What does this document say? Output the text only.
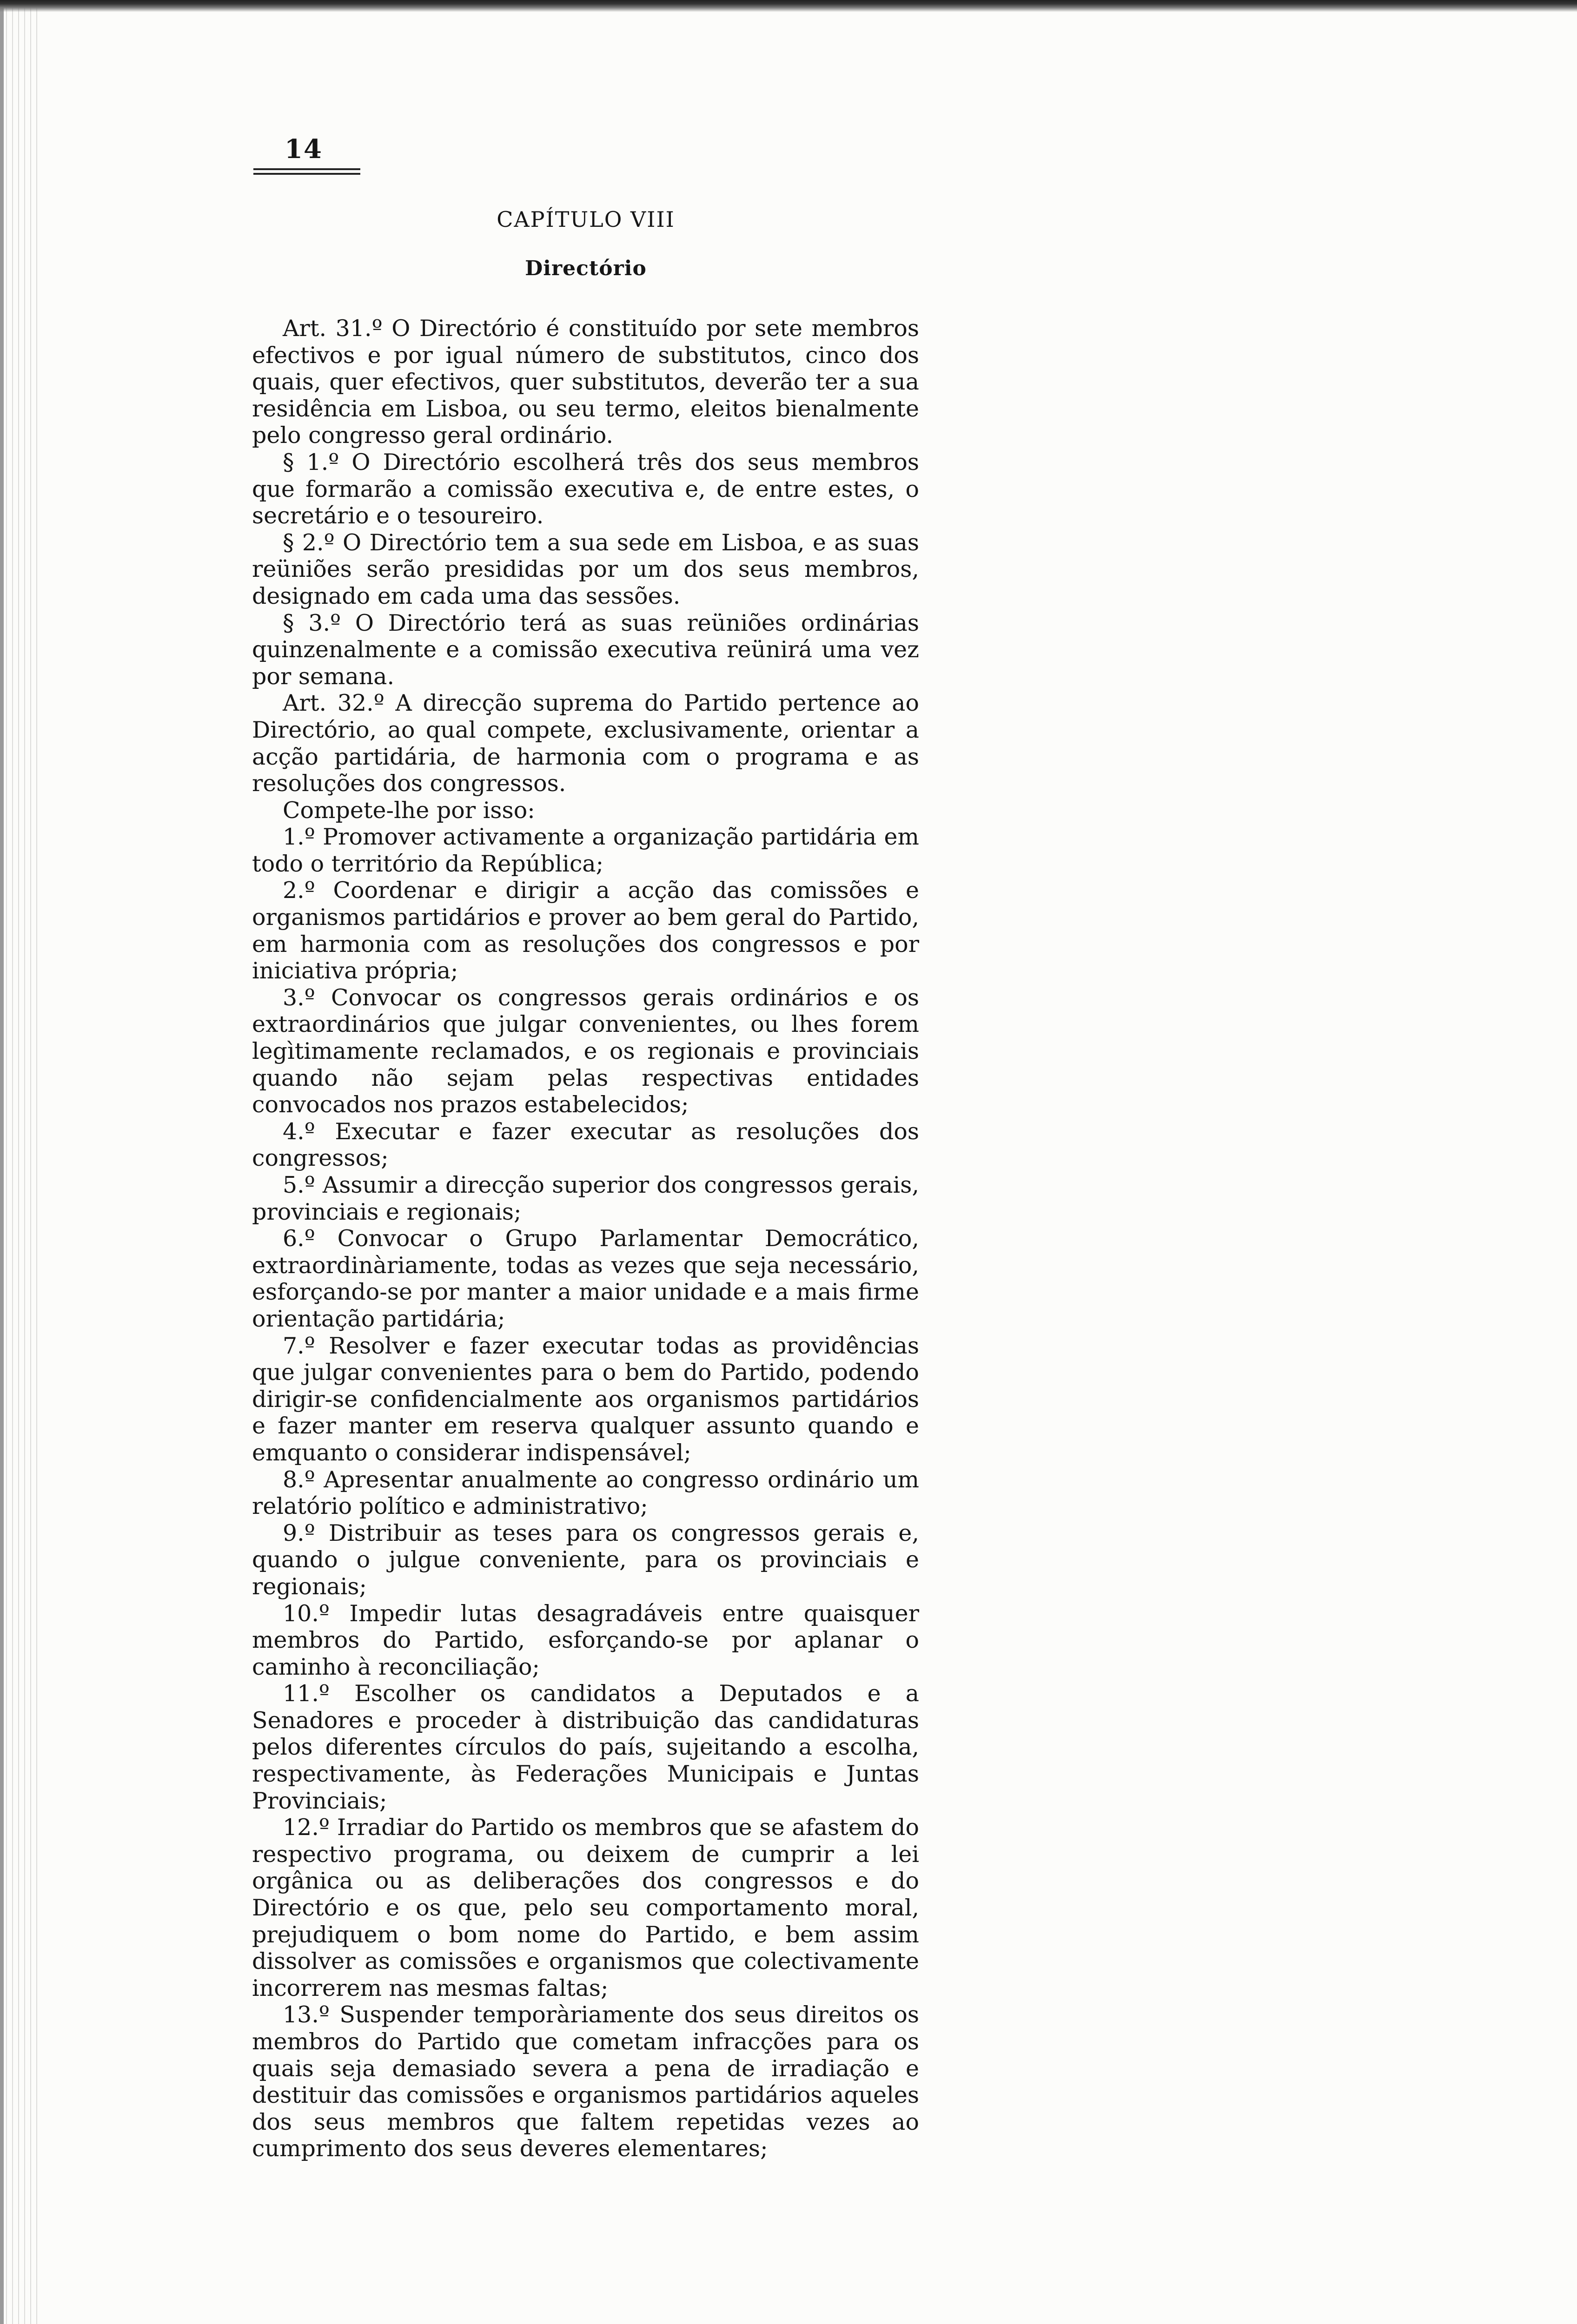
14
CAPÍTULO VIII
Directório

Art. 31.º O Directório é constituído por sete membros efectivos e por igual número de substitutos, cinco dos quais, quer efectivos, quer substitutos, deverão ter a sua residência em Lisboa, ou seu termo, eleitos bienalmente pelo congresso geral ordinário.

§ 1.º O Directório escolherá três dos seus membros que formarão a comissão executiva e, de entre estes, o secretário e o tesoureiro.

§ 2.º O Directório tem a sua sede em Lisboa, e as suas reüniões serão presididas por um dos seus membros, designado em cada uma das sessões.

§ 3.º O Directório terá as suas reüniões ordinárias quinzenalmente e a comissão executiva reünirá uma vez por semana.

Art. 32.º A direcção suprema do Partido pertence ao Directório, ao qual compete, exclusivamente, orientar a acção partidária, de harmonia com o programa e as resoluções dos congressos.

Compete-lhe por isso:

1.º Promover activamente a organização partidária em todo o território da República;

2.º Coordenar e dirigir a acção das comissões e organismos partidários e prover ao bem geral do Partido, em harmonia com as resoluções dos congressos e por iniciativa própria;

3.º Convocar os congressos gerais ordinários e os extraordinários que julgar convenientes, ou lhes forem legìtimamente reclamados, e os regionais e provinciais quando não sejam pelas respectivas entidades convocados nos prazos estabelecidos;

4.º Executar e fazer executar as resoluções dos congressos;

5.º Assumir a direcção superior dos congressos gerais, provinciais e regionais;

6.º Convocar o Grupo Parlamentar Democrático, extraordinàriamente, todas as vezes que seja necessário, esforçando-se por manter a maior unidade e a mais firme orientação partidária;

7.º Resolver e fazer executar todas as providências que julgar convenientes para o bem do Partido, podendo dirigir-se confidencialmente aos organismos partidários e fazer manter em reserva qualquer assunto quando e emquanto o considerar indispensável;

8.º Apresentar anualmente ao congresso ordinário um relatório político e administrativo;

9.º Distribuir as teses para os congressos gerais e, quando o julgue conveniente, para os provinciais e regionais;

10.º Impedir lutas desagradáveis entre quaisquer membros do Partido, esforçando-se por aplanar o caminho à reconciliação;

11.º Escolher os candidatos a Deputados e a Senadores e proceder à distribuição das candidaturas pelos diferentes círculos do país, sujeitando a escolha, respectivamente, às Federações Municipais e Juntas Provinciais;

12.º Irradiar do Partido os membros que se afastem do respectivo programa, ou deixem de cumprir a lei orgânica ou as deliberações dos congressos e do Directório e os que, pelo seu comportamento moral, prejudiquem o bom nome do Partido, e bem assim dissolver as comissões e organismos que colectivamente incorrerem nas mesmas faltas;

13.º Suspender temporàriamente dos seus direitos os membros do Partido que cometam infracções para os quais seja demasiado severa a pena de irradiação e destituir das comissões e organismos partidários aqueles dos seus membros que faltem repetidas vezes ao cumprimento dos seus deveres elementares;
